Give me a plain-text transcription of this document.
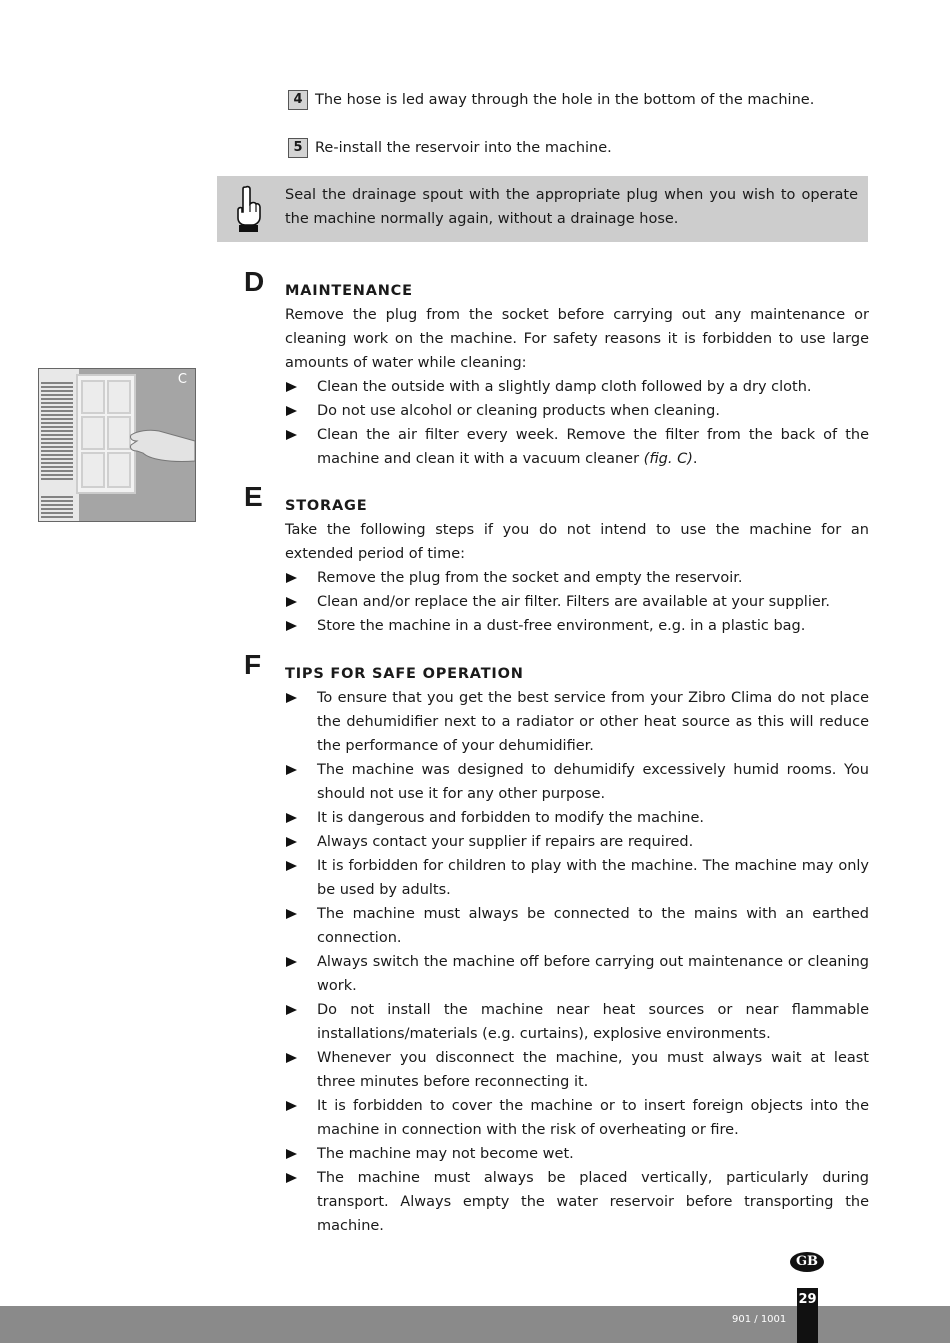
4 The hose is led away through the hole in the bottom of the machine.
5 Re-install the reservoir into the machine.
Seal the drainage spout with the appropriate plug when you wish to operate the machine normally again, without a drainage hose.
C
D MAINTENANCE
Remove the plug from the socket before carrying out any maintenance or cleaning work on the machine. For safety reasons it is forbidden to use large amounts of water while cleaning:
Clean the outside with a slightly damp cloth followed by a dry cloth.
Do not use alcohol or cleaning products when cleaning.
Clean the air filter every week. Remove the filter from the back of the machine and clean it with a vacuum cleaner (fig. C).
E STORAGE
Take the following steps if you do not intend to use the machine for an extended period of time:
Remove the plug from the socket and empty the reservoir.
Clean and/or replace the air filter. Filters are available at your supplier.
Store the machine in a dust-free environment, e.g. in a plastic bag.
F TIPS FOR SAFE OPERATION
To ensure that you get the best service from your Zibro Clima do not place the dehumidifier next to a radiator or other heat source as this will reduce the performance of your dehumidifier.
The machine was designed to dehumidify excessively humid rooms. You should not use it for any other purpose.
It is dangerous and forbidden to modify the machine.
Always contact your supplier if repairs are required.
It is forbidden for children to play with the machine. The machine may only be used by adults.
The machine must always be connected to the mains with an earthed connection.
Always switch the machine off before carrying out maintenance or cleaning work.
Do not install the machine near heat sources or near flammable installations/materials (e.g. curtains), explosive environments.
Whenever you disconnect the machine, you must always wait at least three minutes before reconnecting it.
It is forbidden to cover the machine or to insert foreign objects into the machine in connection with the risk of overheating or fire.
The machine may not become wet.
The machine must always be placed vertically, particularly during transport. Always empty the water reservoir before transporting the machine.
GB
901 / 1001
29
